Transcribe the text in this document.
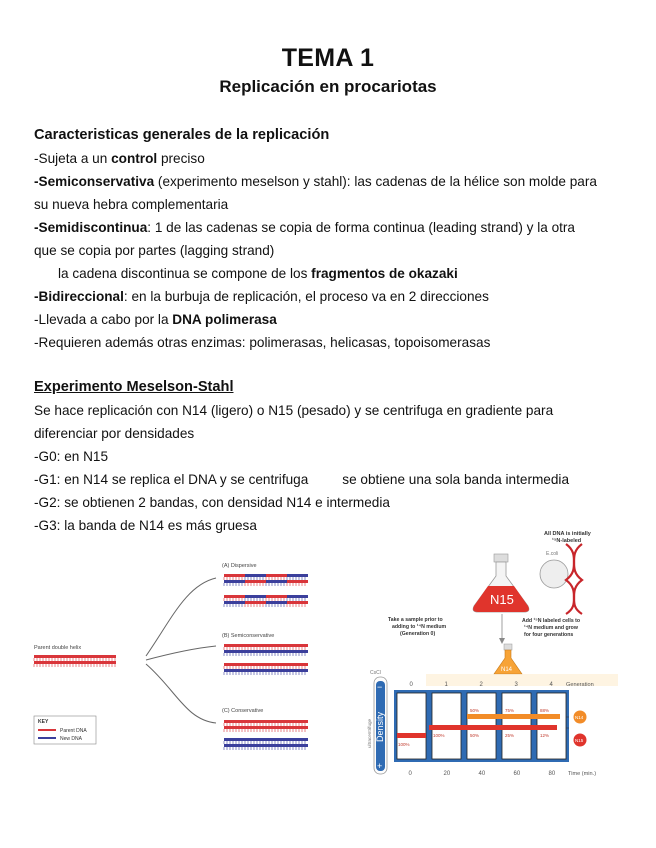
TEMA 1
Replicación en procariotas

Caracteristicas generales de la replicación

-Sujeta a un control preciso

-Semiconservativa (experimento meselson y stahl): las cadenas de la hélice son molde para

su nueva hebra complementaria

-Semidiscontinua: 1 de las cadenas se copia de forma continua (leading strand) y la otra

que se copia por partes (lagging strand)

la cadena discontinua se compone de los fragmentos de okazaki

-Bidireccional: en la burbuja de replicación, el proceso va en 2 direcciones

-Llevada a cabo por la DNA polimerasa

-Requieren además otras enzimas: polimerasas, helicasas, topoisomerasas

Experimento Meselson-Stahl

Se hace replicación con N14 (ligero) o N15 (pesado) y se centrifuga en gradiente para

diferenciar por densidades

-G0: en N15

-G1: en N14 se replica el DNA y se centrifuga	se obtiene una sola banda intermedia

-G2: se obtienen 2 bandas, con densidad N14 e intermedia

-G3: la banda de N14 es más gruesa

Parent double helix
(A) Dispersive
(B) Semiconservative
(C) Conservative
KEY
Parent DNA
New DNA
All DNA is initially
¹⁵N-labeled
E.coli
N15
Take a sample prior to
adding to ¹⁴N medium
(Generation 0)
Add ¹⁵N labeled cells to
¹⁴N medium and grow
for four generations
N14
CsCl
−
+
Density
ultracentrifuge
0
0
1
20
2
40
3
60
4
80
100%
100%
50%
50%
75%
25%
88%
12%
Generation
Time (min.)
N14
N15
